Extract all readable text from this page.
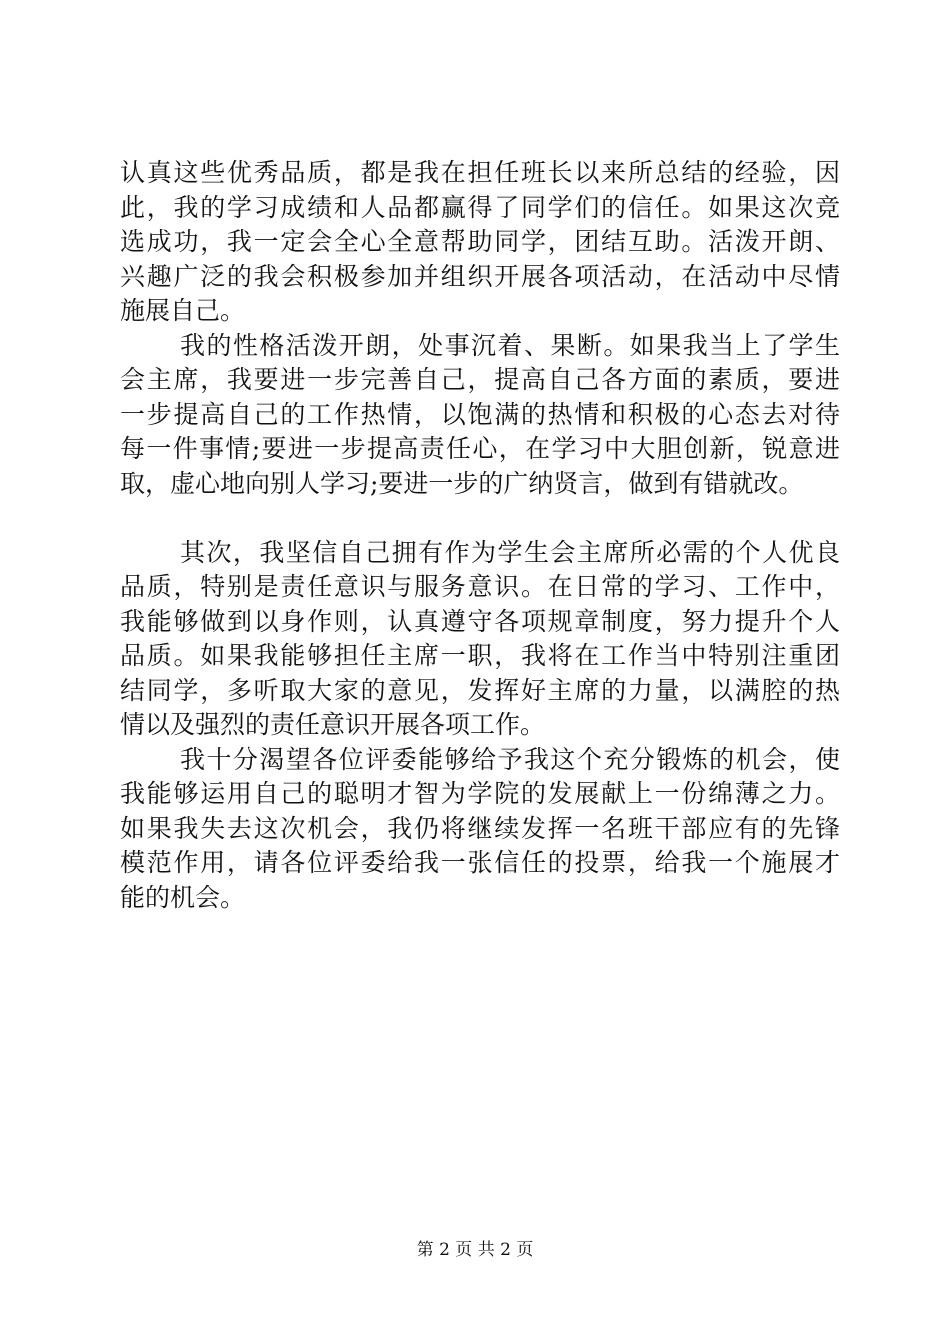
认真这些优秀品质，都是我在担任班长以来所总结的经验，因
此，我的学习成绩和人品都赢得了同学们的信任。如果这次竞
选成功，我一定会全心全意帮助同学，团结互助。活泼开朗、
兴趣广泛的我会积极参加并组织开展各项活动，在活动中尽情
施展自己。
我的性格活泼开朗，处事沉着、果断。如果我当上了学生
会主席，我要进一步完善自己，提高自己各方面的素质，要进
一步提高自己的工作热情，以饱满的热情和积极的心态去对待
每一件事情;要进一步提高责任心，在学习中大胆创新，锐意进
取，虚心地向别人学习;要进一步的广纳贤言，做到有错就改。
其次，我坚信自己拥有作为学生会主席所必需的个人优良
品质，特别是责任意识与服务意识。在日常的学习、工作中，
我能够做到以身作则，认真遵守各项规章制度，努力提升个人
品质。如果我能够担任主席一职，我将在工作当中特别注重团
结同学，多听取大家的意见，发挥好主席的力量，以满腔的热
情以及强烈的责任意识开展各项工作。
我十分渴望各位评委能够给予我这个充分锻炼的机会，使
我能够运用自己的聪明才智为学院的发展献上一份绵薄之力。
如果我失去这次机会，我仍将继续发挥一名班干部应有的先锋
模范作用，请各位评委给我一张信任的投票，给我一个施展才
能的机会。
第 2 页 共 2 页
